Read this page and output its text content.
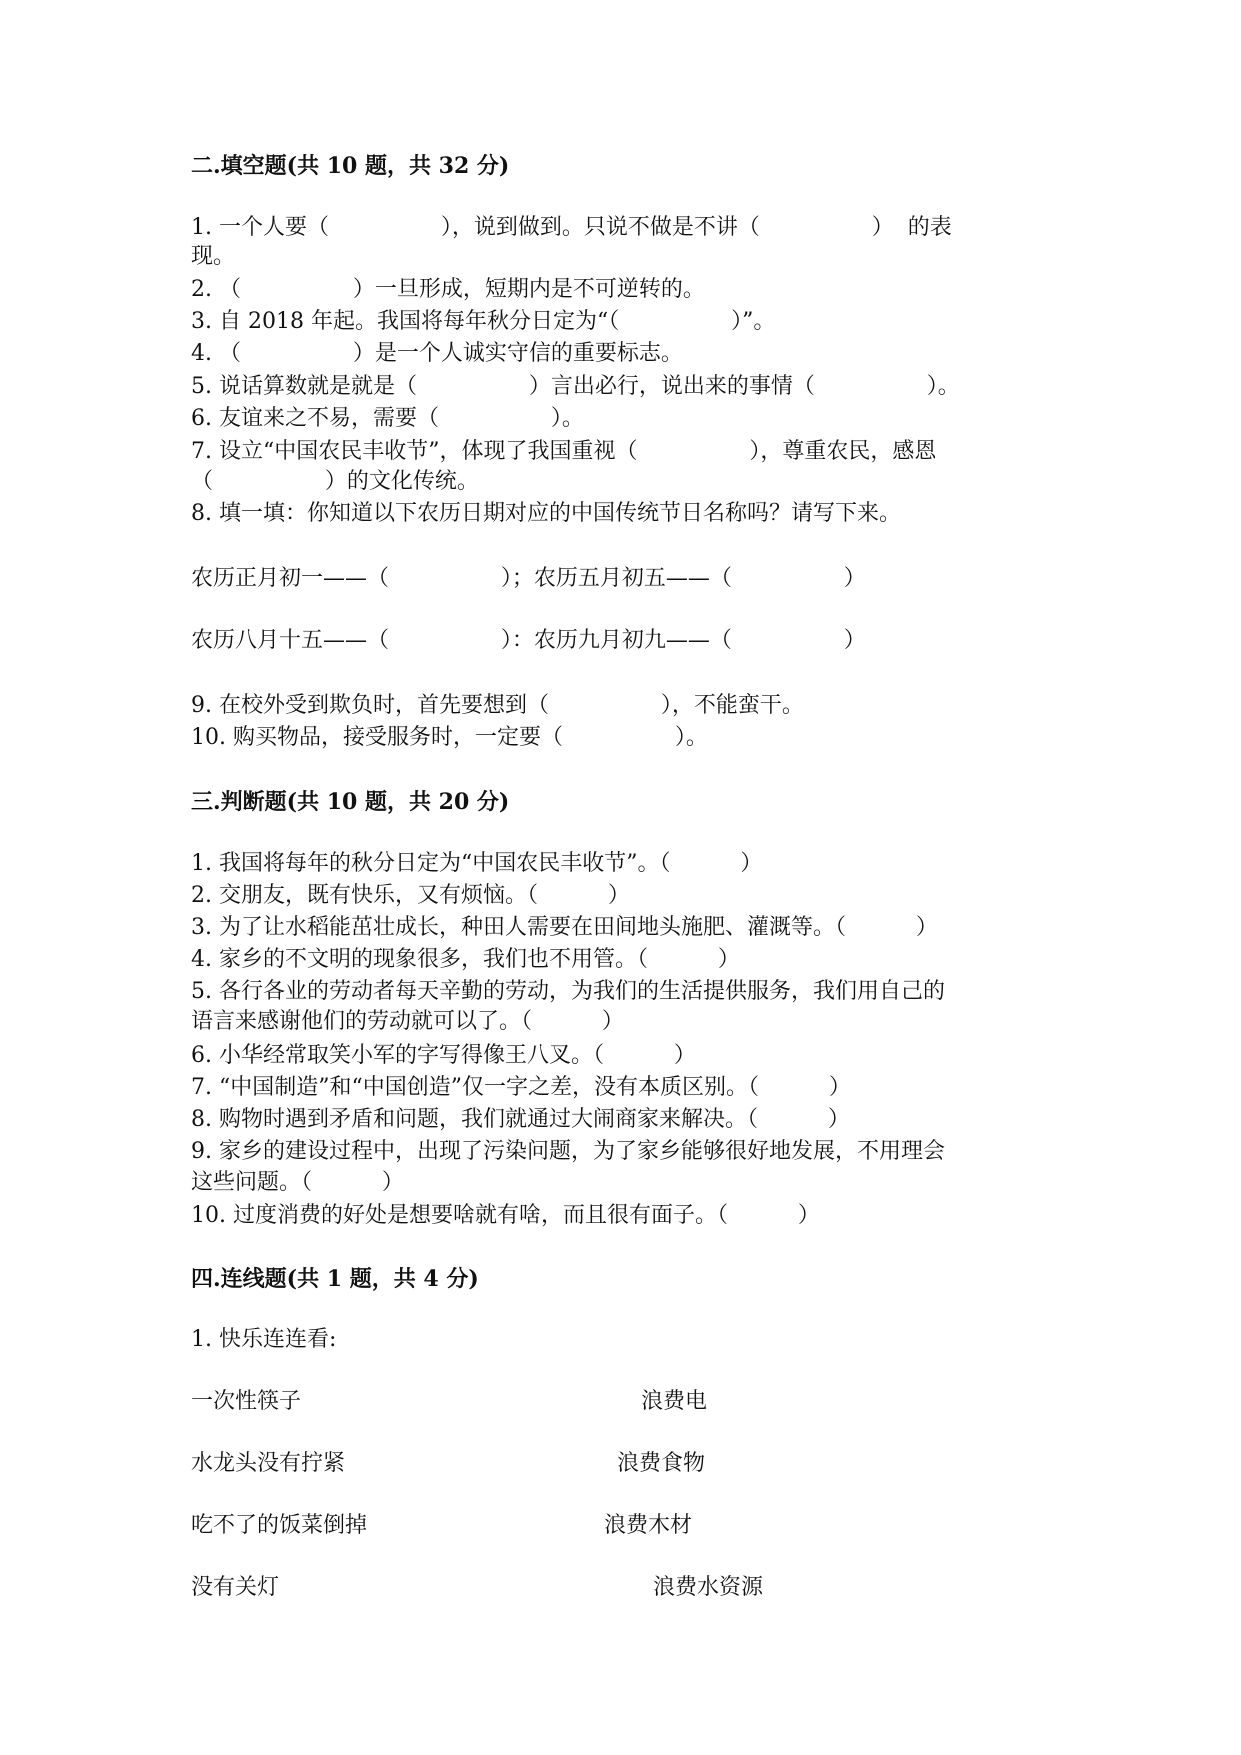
二.填空题(共 10 题，共 32 分)

1. 一个人要（                ），说到做到。只说不做是不讲（                ）  的表

现。

2. （                ）一旦形成，短期内是不可逆转的。

3. 自 2018 年起。我国将每年秋分日定为“（                ）”。

4. （                ）是一个人诚实守信的重要标志。

5. 说话算数就是就是（                ）言出必行，说出来的事情（                ）。

6. 友谊来之不易，需要（                ）。

7. 设立“中国农民丰收节”，体现了我国重视（                ），尊重农民，感恩

（                ）的文化传统。

8. 填一填：你知道以下农历日期对应的中国传统节日名称吗？请写下来。

农历正月初一——（                ）；农历五月初五——（                ）

农历八月十五——（                ）：农历九月初九——（                ）

9. 在校外受到欺负时，首先要想到（                ），不能蛮干。

10. 购买物品，接受服务时，一定要（                ）。

三.判断题(共 10 题，共 20 分)

1. 我国将每年的秋分日定为“中国农民丰收节”。（          ）

2. 交朋友，既有快乐，又有烦恼。（          ）

3. 为了让水稻能茁壮成长，种田人需要在田间地头施肥、灌溉等。（          ）

4. 家乡的不文明的现象很多，我们也不用管。（          ）

5. 各行各业的劳动者每天辛勤的劳动，为我们的生活提供服务，我们用自己的

语言来感谢他们的劳动就可以了。（          ）

6. 小华经常取笑小军的字写得像王八叉。（          ）

7. “中国制造”和“中国创造”仅一字之差，没有本质区别。（          ）

8. 购物时遇到矛盾和问题，我们就通过大闹商家来解决。（          ）

9. 家乡的建设过程中，出现了污染问题，为了家乡能够很好地发展，不用理会

这些问题。（          ）

10. 过度消费的好处是想要啥就有啥，而且很有面子。（          ）

四.连线题(共 1 题，共 4 分)

1. 快乐连连看:

一次性筷子	浪费电
水龙头没有拧紧	浪费食物
吃不了的饭菜倒掉	浪费木材
没有关灯	浪费水资源
